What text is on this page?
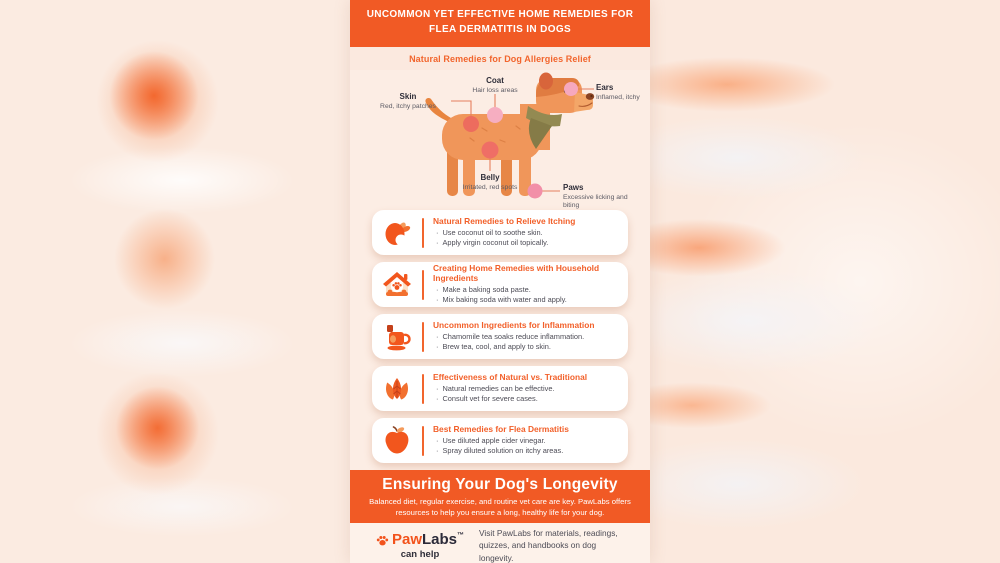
UNCOMMON YET EFFECTIVE HOME REMEDIES FOR FLEA DERMATITIS IN DOGS
Natural Remedies for Dog Allergies Relief
Coat
Hair loss areas
Skin
Red, itchy patches
Ears
Inflamed, itchy
Belly
Irritated, red spots	Paws
Excessive licking and biting
Natural Remedies to Relieve Itching
· Use coconut oil to soothe skin.
· Apply virgin coconut oil topically.
Creating Home Remedies with Household Ingredients
· Make a baking soda paste.
· Mix baking soda with water and apply.
Uncommon Ingredients for Inflammation
· Chamomile tea soaks reduce inflammation.
· Brew tea, cool, and apply to skin.
Effectiveness of Natural vs. Traditional
· Natural remedies can be effective.
· Consult vet for severe cases.
Best Remedies for Flea Dermatitis
· Use diluted apple cider vinegar.
· Spray diluted solution on itchy areas.
Ensuring Your Dog's Longevity
Balanced diet, regular exercise, and routine vet care are key. PawLabs offers resources to help you ensure a long, healthy life for your dog.
Paw Labs ™
can help
Visit PawLabs for materials, readings, quizzes, and handbooks on dog longevity.
